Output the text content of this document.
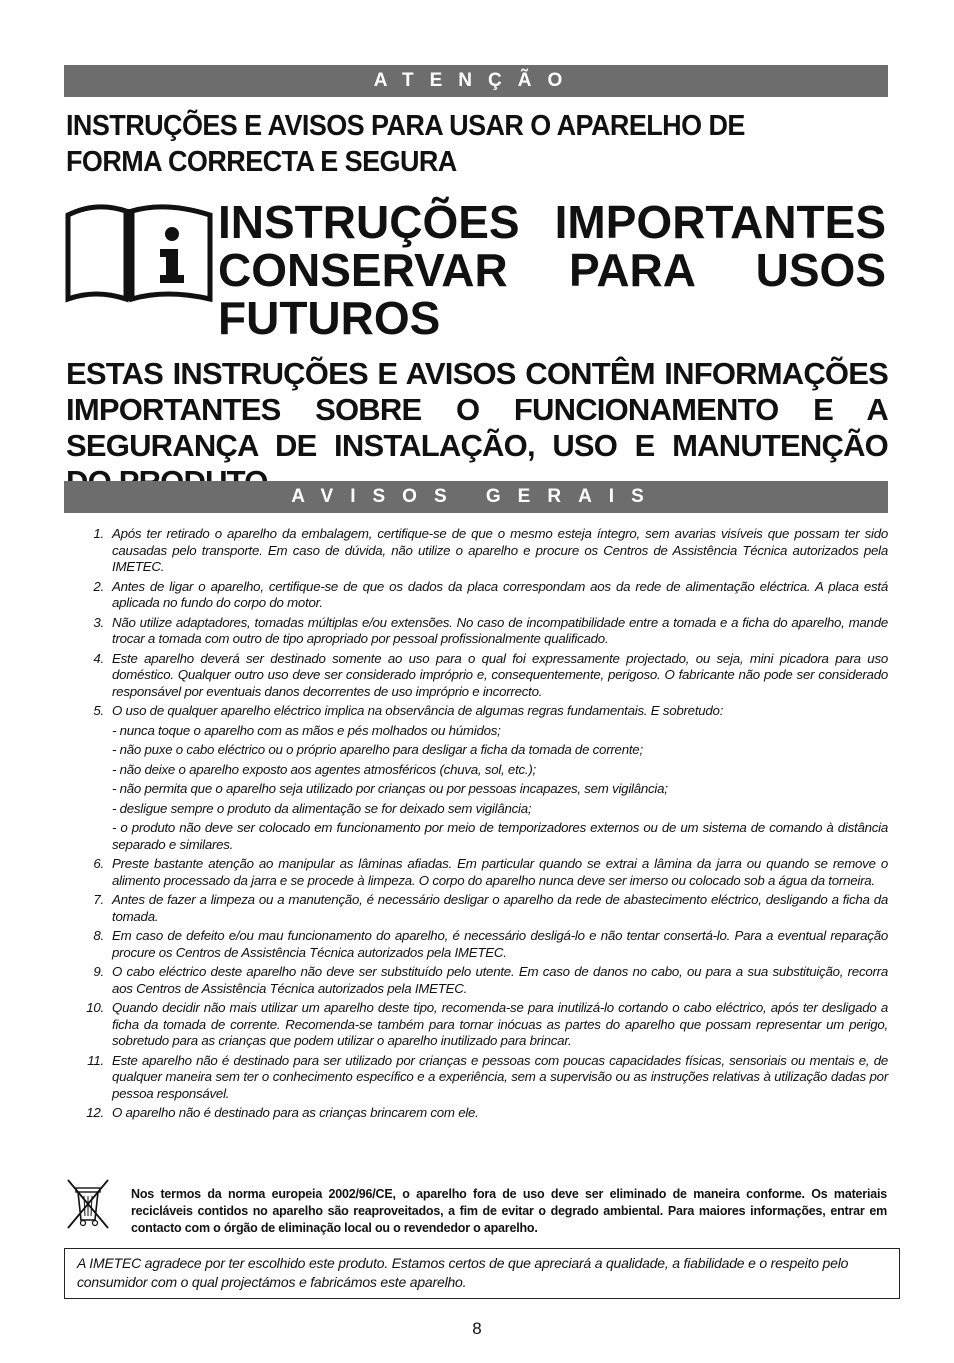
ATENÇÃO
INSTRUÇÕES E AVISOS PARA USAR O APARELHO DE FORMA CORRECTA E SEGURA
INSTRUÇÕES IMPORTANTES CONSERVAR PARA USOS FUTUROS
ESTAS INSTRUÇÕES E AVISOS CONTÊM INFORMAÇÕES IMPORTANTES SOBRE O FUNCIONAMENTO E A SEGURANÇA DE INSTALAÇÃO, USO E MANUTENÇÃO
AVISOS GERAIS
1. Após ter retirado o aparelho da embalagem, certifique-se de que o mesmo esteja íntegro, sem avarias visíveis que possam ter sido causadas pelo transporte. Em caso de dúvida, não utilize o aparelho e procure os Centros de Assistência Técnica autorizados pela IMETEC.
2. Antes de ligar o aparelho, certifique-se de que os dados da placa correspondam aos da rede de alimentação eléctrica. A placa está aplicada no fundo do corpo do motor.
3. Não utilize adaptadores, tomadas múltiplas e/ou extensões. No caso de incompatibilidade entre a tomada e a ficha do aparelho, mande trocar a tomada com outro de tipo apropriado por pessoal profissionalmente qualificado.
4. Este aparelho deverá ser destinado somente ao uso para o qual foi expressamente projectado, ou seja, mini picadora para uso doméstico. Qualquer outro uso deve ser considerado impróprio e, consequentemente, perigoso. O fabricante não pode ser considerado responsável por eventuais danos decorrentes de uso impróprio e incorrecto.
5. O uso de qualquer aparelho eléctrico implica na observância de algumas regras fundamentais. E sobretudo:
- nunca toque o aparelho com as mãos e pés molhados ou húmidos;
- não puxe o cabo eléctrico ou o próprio aparelho para desligar a ficha da tomada de corrente;
- não deixe o aparelho exposto aos agentes atmosféricos (chuva, sol, etc.);
- não permita que o aparelho seja utilizado por crianças ou por pessoas incapazes, sem vigilância;
- desligue sempre o produto da alimentação se for deixado sem vigilância;
- o produto não deve ser colocado em funcionamento por meio de temporizadores externos ou de um sistema de comando à distância separado e similares.
6. Preste bastante atenção ao manipular as lâminas afiadas. Em particular quando se extrai a lâmina da jarra ou quando se remove o alimento processado da jarra e se procede à limpeza. O corpo do aparelho nunca deve ser imerso ou colocado sob a água da torneira.
7. Antes de fazer a limpeza ou a manutenção, é necessário desligar o aparelho da rede de abastecimento eléctrico, desligando a ficha da tomada.
8. Em caso de defeito e/ou mau funcionamento do aparelho, é necessário desligá-lo e não tentar consertá-lo. Para a eventual reparação procure os Centros de Assistência Técnica autorizados pela IMETEC.
9. O cabo eléctrico deste aparelho não deve ser substituído pelo utente. Em caso de danos no cabo, ou para a sua substituição, recorra aos Centros de Assistência Técnica autorizados pela IMETEC.
10. Quando decidir não mais utilizar um aparelho deste tipo, recomenda-se para inutilizá-lo cortando o cabo eléctrico, após ter desligado a ficha da tomada de corrente. Recomenda-se também para tornar inócuas as partes do aparelho que possam representar um perigo, sobretudo para as crianças que podem utilizar o aparelho inutilizado para brincar.
11. Este aparelho não é destinado para ser utilizado por crianças e pessoas com poucas capacidades físicas, sensoriais ou mentais e, de qualquer maneira sem ter o conhecimento específico e a experiência, sem a supervisão ou as instruções relativas à utilização dadas por pessoa responsável.
12. O aparelho não é destinado para as crianças brincarem com ele.
Nos termos da norma europeia 2002/96/CE, o aparelho fora de uso deve ser eliminado de maneira conforme. Os materiais recicláveis contidos no aparelho são reaproveitados, a fim de evitar o degrado ambiental. Para maiores informações, entrar em contacto com o órgão de eliminação local ou o revendedor o aparelho.
A IMETEC agradece por ter escolhido este produto. Estamos certos de que apreciará a qualidade, a fiabilidade e o respeito pelo consumidor com o qual projectámos e fabricámos este aparelho.
8
